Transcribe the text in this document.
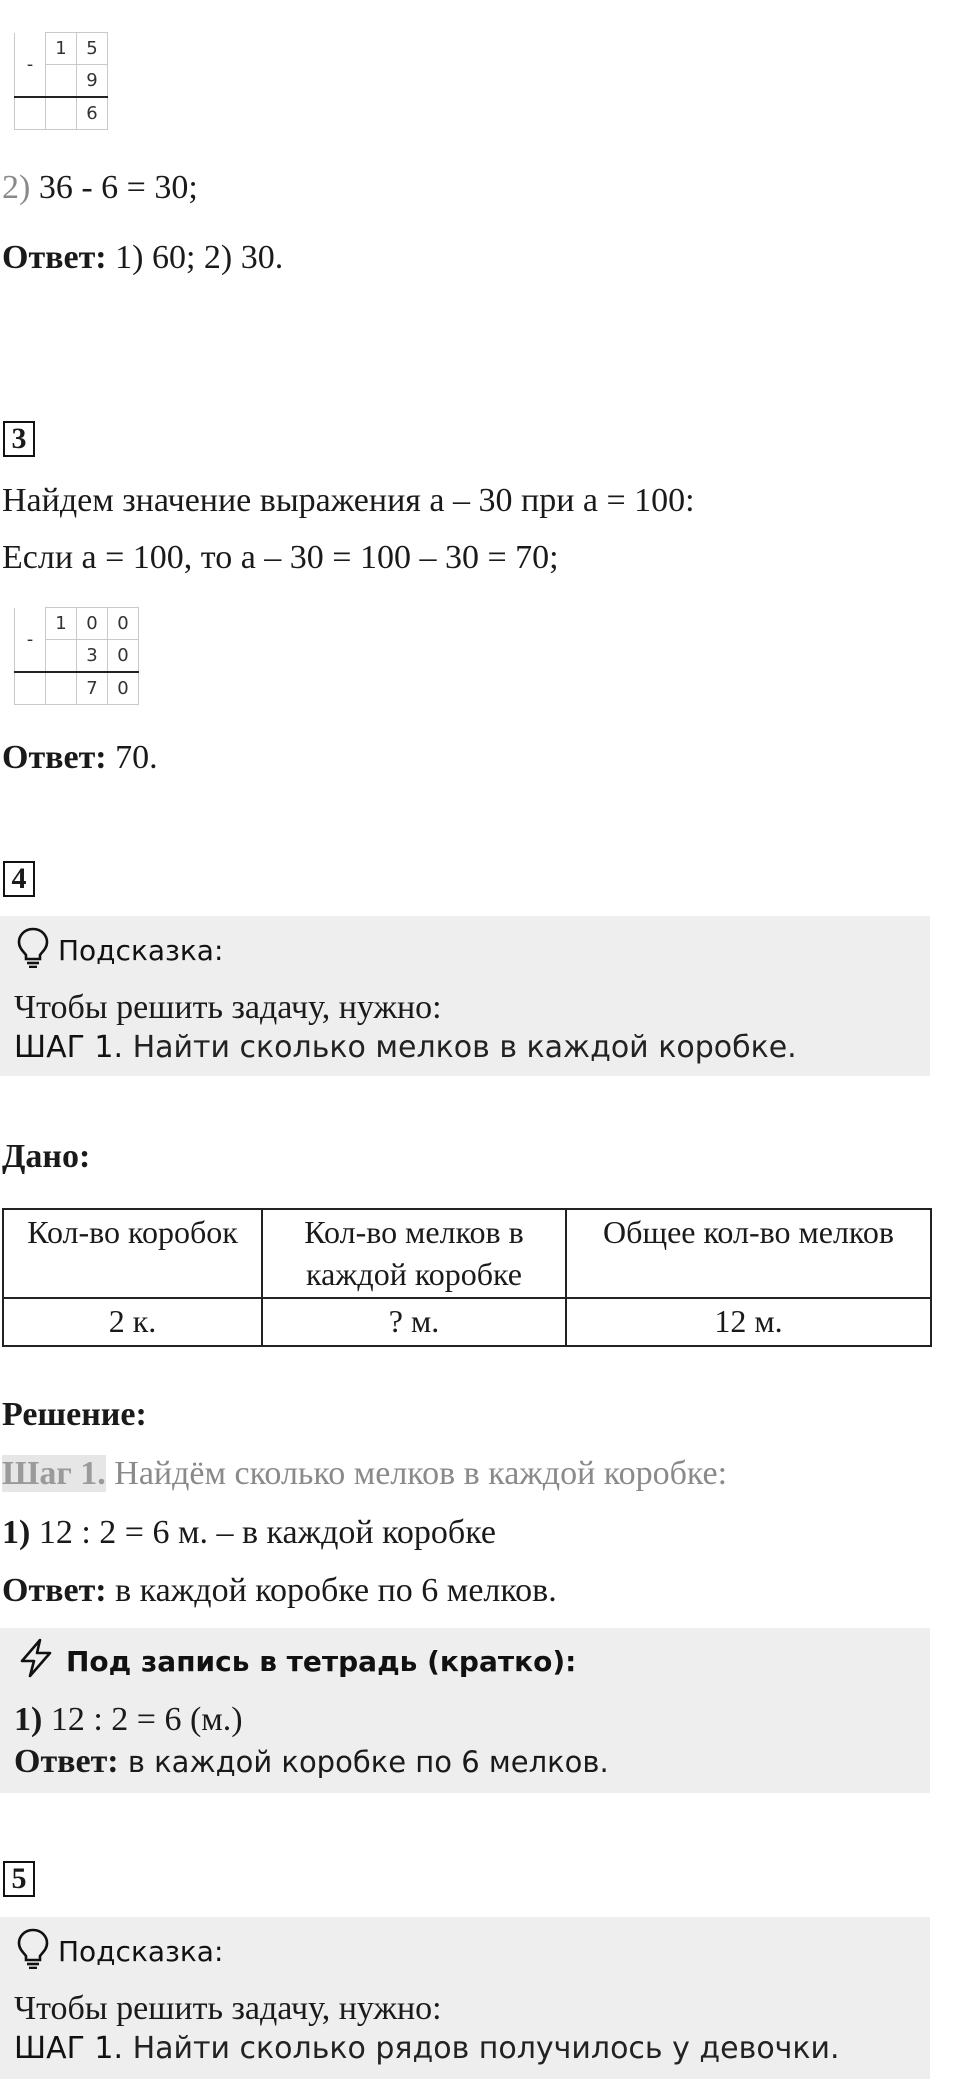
-	1	5
		9
		6
2) 36 - 6 = 30;
Ответ: 1) 60; 2) 30.
3
Найдем значение выражения а – 30 при а = 100:
Если а = 100, то а – 30 = 100 – 30 = 70;
-	1	0	0
		3	0
		7	0
Ответ: 70.
4
Подсказка:
Чтобы решить задачу, нужно:
ШАГ 1. Найти сколько мелков в каждой коробке.
Дано:
Кол-во коробок	Кол-во мелков в каждой коробке	Общее кол-во мелков
2 к.	? м.	12 м.
Решение:
Шаг 1. Найдём сколько мелков в каждой коробке:
1) 12 : 2 = 6 м. – в каждой коробке
Ответ: в каждой коробке по 6 мелков.
Под запись в тетрадь (кратко):
1) 12 : 2 = 6 (м.)
Ответ: в каждой коробке по 6 мелков.
5
Подсказка:
Чтобы решить задачу, нужно:
ШАГ 1. Найти сколько рядов получилось у девочки.
